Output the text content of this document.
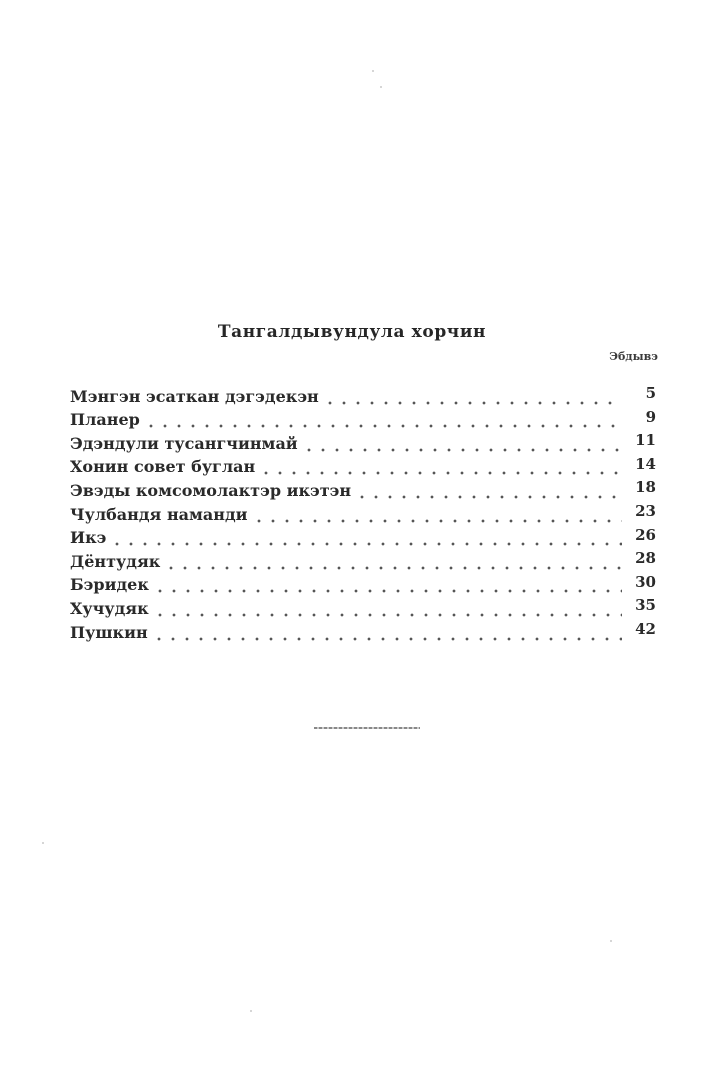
Тангалдывундула хорчин
Эбдывэ
Мэнгэн эсаткан дэгэдекэн	5
Планер	9
Эдэндули тусангчинмай	11
Хонин совет буглан	14
Эвэды комсомолактэр икэтэн	18
Чулбандя наманди	23
Икэ	26
Дёнтудяк	28
Бэридек	30
Хучудяк	35
Пушкин	42
